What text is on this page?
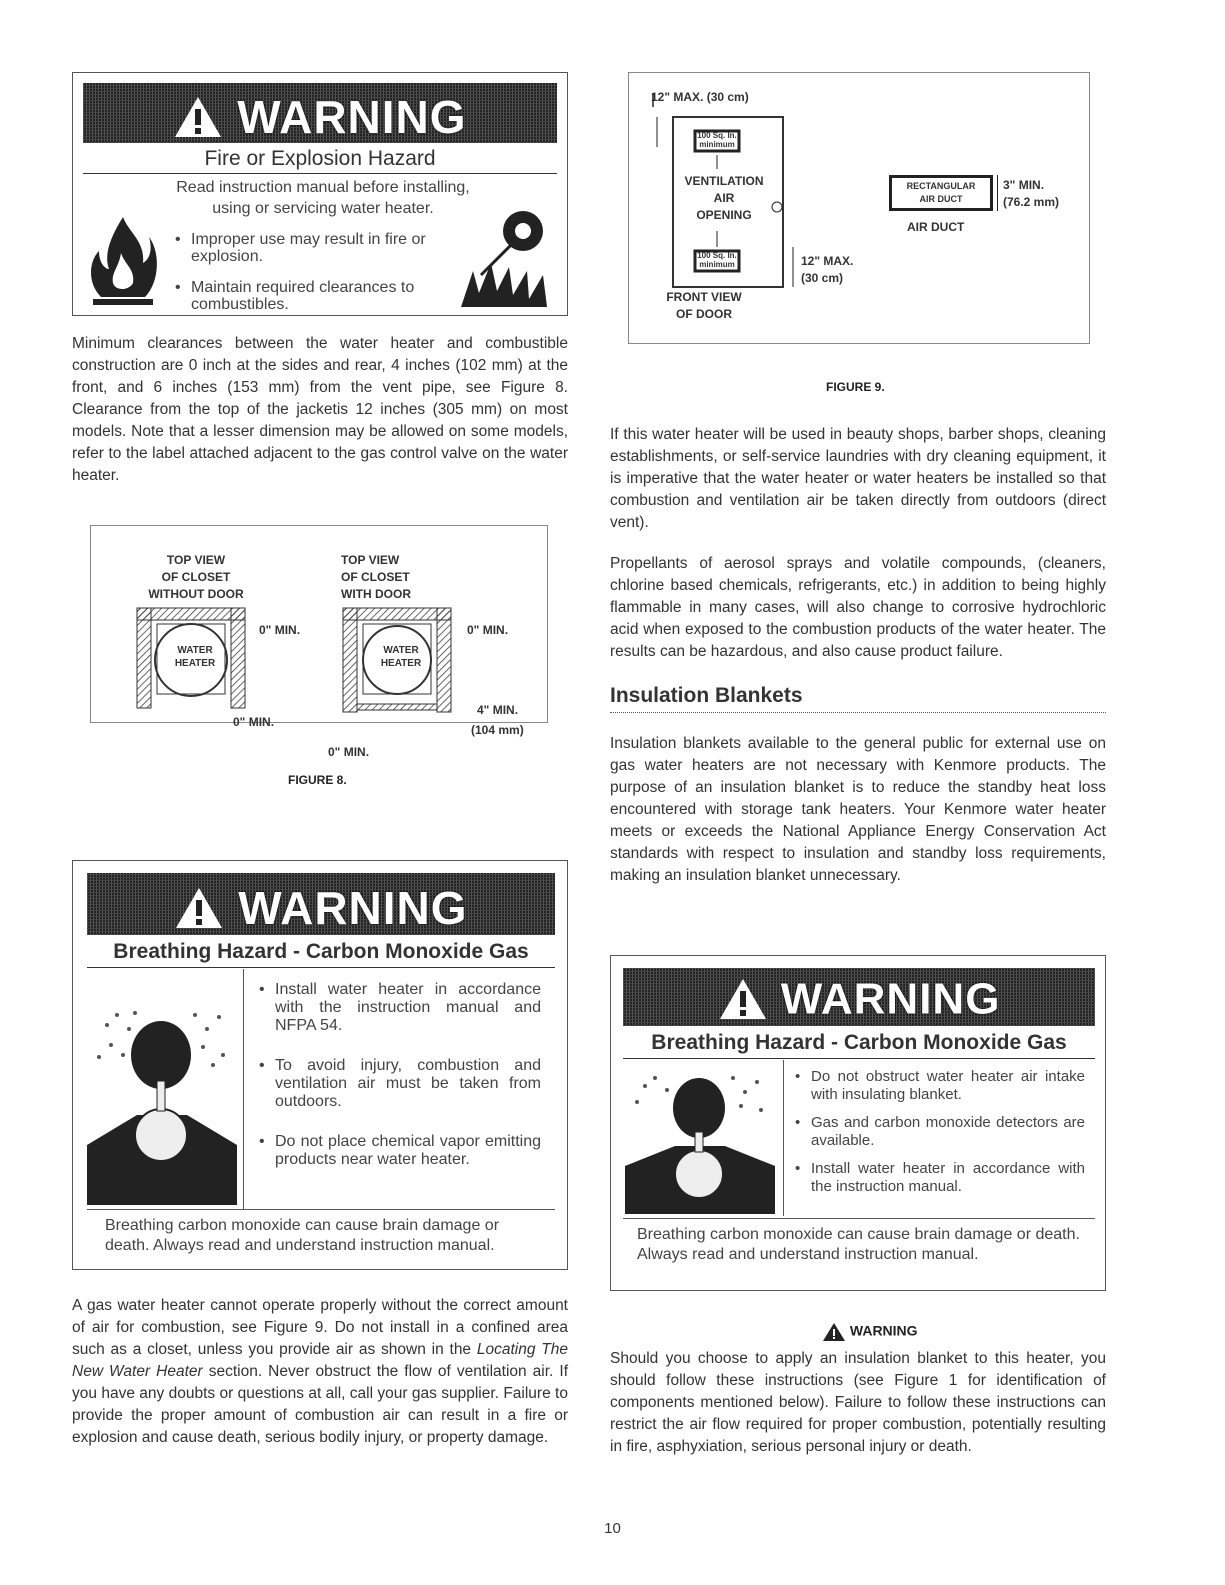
WARNING
Fire or Explosion Hazard
Read instruction manual before installing,
using or servicing water heater.
• Improper use may result in fire or explosion.
• Maintain required clearances to combustibles.
Minimum clearances between the water heater and combustible construction are 0 inch at the sides and rear, 4 inches (102 mm) at the front, and 6 inches (153 mm) from the vent pipe, see Figure 8. Clearance from the top of the jacketis 12 inches (305 mm) on most models. Note that a lesser dimension may be allowed on some models, refer to the label attached adjacent to the gas control valve on the water heater.
TOP VIEW
OF CLOSET
WITHOUT DOOR
TOP VIEW
OF CLOSET
WITH DOOR
WATER
HEATER
0" MIN.
0" MIN.
WATER
HEATER
0" MIN.
4" MIN.
(104 mm)
0" MIN.
FIGURE 8.
WARNING
Breathing Hazard - Carbon Monoxide Gas
• Install water heater in accordance with the instruction manual and NFPA 54.
• To avoid injury, combustion and ventilation air must be taken from outdoors.
• Do not place chemical vapor emitting products near water heater.
Breathing carbon monoxide can cause brain damage or death. Always read and understand instruction manual.
A gas water heater cannot operate properly without the correct amount of air for combustion, see Figure 9. Do not install in a confined area such as a closet, unless you provide air as shown in the Locating The New Water Heater section. Never obstruct the flow of ventilation air. If you have any doubts or questions at all, call your gas supplier. Failure to provide the proper amount of combustion air can result in a fire or explosion and cause death, serious bodily injury, or property damage.
12" MAX. (30 cm)
100 Sq. In.
minimum
VENTILATION
AIR
OPENING
100 Sq. In.
minimum	12" MAX.
(30 cm)
FRONT VIEW
OF DOOR
RECTANGULAR
AIR DUCT
3" MIN.
(76.2 mm)
AIR DUCT
FIGURE 9.
If this water heater will be used in beauty shops, barber shops, cleaning establishments, or self-service laundries with dry cleaning equipment, it is imperative that the water heater or water heaters be installed so that combustion and ventilation air be taken directly from outdoors (direct vent).
Propellants of aerosol sprays and volatile compounds, (cleaners, chlorine based chemicals, refrigerants, etc.) in addition to being highly flammable in many cases, will also change to corrosive hydrochloric acid when exposed to the combustion products of the water heater. The results can be hazardous, and also cause product failure.
Insulation Blankets
Insulation blankets available to the general public for external use on gas water heaters are not necessary with Kenmore products. The purpose of an insulation blanket is to reduce the standby heat loss encountered with storage tank heaters. Your Kenmore water heater meets or exceeds the National Appliance Energy Conservation Act standards with respect to insulation and standby loss requirements, making an insulation blanket unnecessary.
WARNING
Breathing Hazard - Carbon Monoxide Gas
• Do not obstruct water heater air intake with insulating blanket.
• Gas and carbon monoxide detectors are available.
• Install water heater in accordance with the instruction manual.
Breathing carbon monoxide can cause brain damage or death. Always read and understand instruction manual.
WARNING
Should you choose to apply an insulation blanket to this heater, you should follow these instructions (see Figure 1 for identification of components mentioned below). Failure to follow these instructions can restrict the air flow required for proper combustion, potentially resulting in fire, asphyxiation, serious personal injury or death.
10
